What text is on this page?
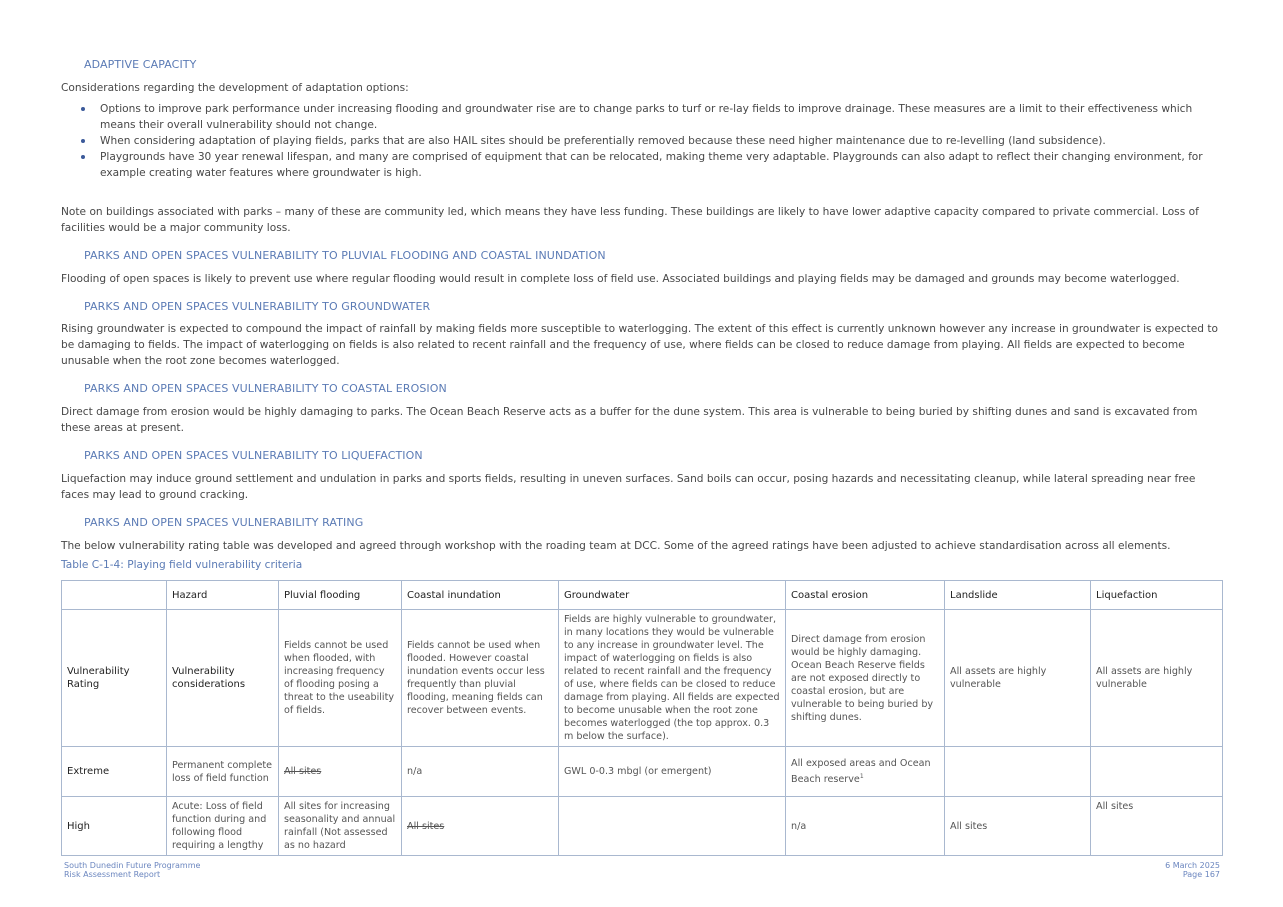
ADAPTIVE CAPACITY
Considerations regarding the development of adaptation options:
Options to improve park performance under increasing flooding and groundwater rise are to change parks to turf or re-lay fields to improve drainage. These measures are a limit to their effectiveness which means their overall vulnerability should not change.
When considering adaptation of playing fields, parks that are also HAIL sites should be preferentially removed because these need higher maintenance due to re-levelling (land subsidence).
Playgrounds have 30 year renewal lifespan, and many are comprised of equipment that can be relocated, making theme very adaptable. Playgrounds can also adapt to reflect their changing environment, for example creating water features where groundwater is high.
Note on buildings associated with parks – many of these are community led, which means they have less funding. These buildings are likely to have lower adaptive capacity compared to private commercial. Loss of facilities would be a major community loss.
PARKS AND OPEN SPACES VULNERABILITY TO PLUVIAL FLOODING AND COASTAL INUNDATION
Flooding of open spaces is likely to prevent use where regular flooding would result in complete loss of field use. Associated buildings and playing fields may be damaged and grounds may become waterlogged.
PARKS AND OPEN SPACES VULNERABILITY TO GROUNDWATER
Rising groundwater is expected to compound the impact of rainfall by making fields more susceptible to waterlogging. The extent of this effect is currently unknown however any increase in groundwater is expected to be damaging to fields. The impact of waterlogging on fields is also related to recent rainfall and the frequency of use, where fields can be closed to reduce damage from playing. All fields are expected to become unusable when the root zone becomes waterlogged.
PARKS AND OPEN SPACES VULNERABILITY TO COASTAL EROSION
Direct damage from erosion would be highly damaging to parks. The Ocean Beach Reserve acts as a buffer for the dune system. This area is vulnerable to being buried by shifting dunes and sand is excavated from these areas at present.
PARKS AND OPEN SPACES VULNERABILITY TO LIQUEFACTION
Liquefaction may induce ground settlement and undulation in parks and sports fields, resulting in uneven surfaces. Sand boils can occur, posing hazards and necessitating cleanup, while lateral spreading near free faces may lead to ground cracking.
PARKS AND OPEN SPACES VULNERABILITY RATING
The below vulnerability rating table was developed and agreed through workshop with the roading team at DCC. Some of the agreed ratings have been adjusted to achieve standardisation across all elements.
Table C-1-4: Playing field vulnerability criteria
	Hazard	Pluvial flooding	Coastal inundation	Groundwater	Coastal erosion	Landslide	Liquefaction
Vulnerability Rating	Vulnerability considerations	Fields cannot be used when flooded, with increasing frequency of flooding posing a threat to the useability of fields.	Fields cannot be used when flooded. However coastal inundation events occur less frequently than pluvial flooding, meaning fields can recover between events.	Fields are highly vulnerable to groundwater, in many locations they would be vulnerable to any increase in groundwater level. The impact of waterlogging on fields is also related to recent rainfall and the frequency of use, where fields can be closed to reduce damage from playing. All fields are expected to become unusable when the root zone becomes waterlogged (the top approx. 0.3 m below the surface).	Direct damage from erosion would be highly damaging. Ocean Beach Reserve fields are not exposed directly to coastal erosion, but are vulnerable to being buried by shifting dunes.	All assets are highly vulnerable	All assets are highly vulnerable
Extreme	Permanent complete loss of field function	All sites	n/a	GWL 0-0.3 mbgl (or emergent)	All exposed areas and Ocean Beach reserve$^1$		
High	Acute: Loss of field function during and following flood requiring a lengthy	All sites for increasing seasonality and annual rainfall (Not assessed as no hazard	All sites		n/a	All sites	All sites
South Dunedin Future Programme
Risk Assessment Report
6 March 2025
Page 167
